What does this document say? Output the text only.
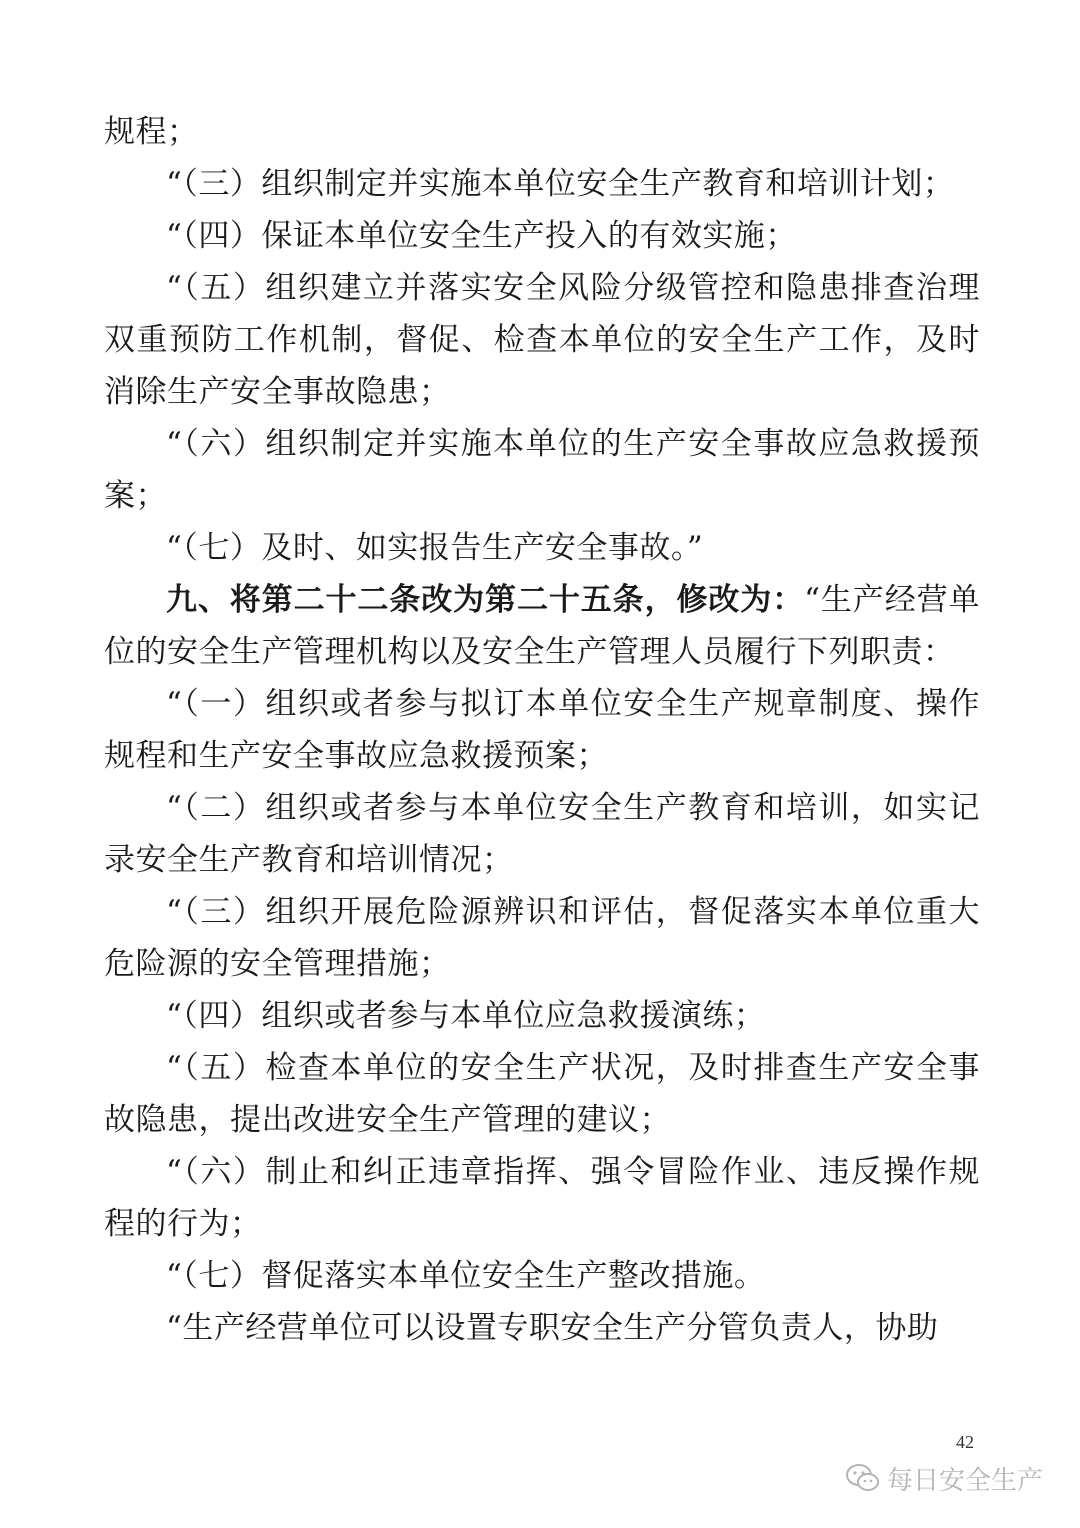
规程；

“（三）组织制定并实施本单位安全生产教育和培训计划；

“（四）保证本单位安全生产投入的有效实施；

“（五）组织建立并落实安全风险分级管控和隐患排查治理双重预防工作机制，督促、检查本单位的安全生产工作，及时消除生产安全事故隐患；

“（六）组织制定并实施本单位的生产安全事故应急救援预案；

“（七）及时、如实报告生产安全事故。”

九、将第二十二条改为第二十五条，修改为：“生产经营单位的安全生产管理机构以及安全生产管理人员履行下列职责：

“（一）组织或者参与拟订本单位安全生产规章制度、操作规程和生产安全事故应急救援预案；

“（二）组织或者参与本单位安全生产教育和培训，如实记录安全生产教育和培训情况；

“（三）组织开展危险源辨识和评估，督促落实本单位重大危险源的安全管理措施；

“（四）组织或者参与本单位应急救援演练；

“（五）检查本单位的安全生产状况，及时排查生产安全事故隐患，提出改进安全生产管理的建议；

“（六）制止和纠正违章指挥、强令冒险作业、违反操作规程的行为；

“（七）督促落实本单位安全生产整改措施。

“生产经营单位可以设置专职安全生产分管负责人，协助

42
每日安全生产
